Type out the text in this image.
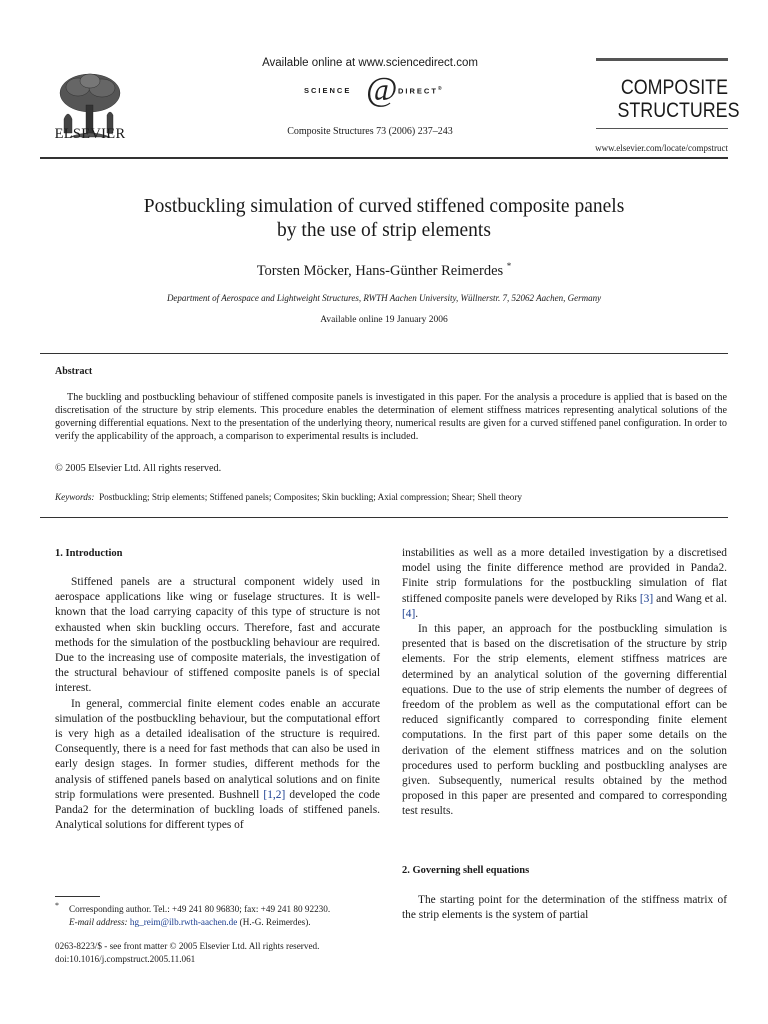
ELSEVIER
Available online at www.sciencedirect.com
SCIENCE @ DIRECT®
Composite Structures 73 (2006) 237–243
COMPOSITE
STRUCTURES
www.elsevier.com/locate/compstruct
Postbuckling simulation of curved stiffened composite panels
by the use of strip elements
Torsten Möcker, Hans-Günther Reimerdes *
Department of Aerospace and Lightweight Structures, RWTH Aachen University, Wüllnerstr. 7, 52062 Aachen, Germany
Available online 19 January 2006
Abstract
The buckling and postbuckling behaviour of stiffened composite panels is investigated in this paper. For the analysis a procedure is applied that is based on the discretisation of the structure by strip elements. This procedure enables the determination of element stiffness matrices representing analytical solutions of the governing differential equations. Next to the presentation of the underlying theory, numerical results are given for a curved stiffened panel configuration. In order to verify the applicability of the approach, a comparison to experimental results is included.
© 2005 Elsevier Ltd. All rights reserved.
Keywords: Postbuckling; Strip elements; Stiffened panels; Composites; Skin buckling; Axial compression; Shear; Shell theory
1. Introduction

Stiffened panels are a structural component widely used in aerospace applications like wing or fuselage structures. It is well-known that the load carrying capacity of this type of structure is not exhausted when skin buckling occurs. Therefore, fast and accurate methods for the simulation of the postbuckling behaviour are required. Due to the increasing use of composite materials, the investigation of the structural behaviour of stiffened composite panels is of special interest.

In general, commercial finite element codes enable an accurate simulation of the postbuckling behaviour, but the computational effort is very high as a detailed idealisation of the structure is required. Consequently, there is a need for fast methods that can also be used in early design stages. In former studies, different methods for the analysis of stiffened panels based on analytical solutions and on finite strip formulations were presented. Bushnell [1,2] developed the code Panda2 for the determination of buckling loads of stiffened panels. Analytical solutions for different types of

* Corresponding author. Tel.: +49 241 80 96830; fax: +49 241 80 92230.
E-mail address: hg_reim@ilb.rwth-aachen.de (H.-G. Reimerdes).
0263-8223/$ - see front matter © 2005 Elsevier Ltd. All rights reserved.
doi:10.1016/j.compstruct.2005.11.061

instabilities as well as a more detailed investigation by a discretised model using the finite difference method are provided in Panda2. Finite strip formulations for the postbuckling simulation of flat stiffened composite panels were developed by Riks [3] and Wang et al. [4].

In this paper, an approach for the postbuckling simulation is presented that is based on the discretisation of the structure by strip elements. For the strip elements, element stiffness matrices are determined by an analytical solution of the governing differential equations. Due to the use of strip elements the number of degrees of freedom of the problem as well as the computational effort can be reduced significantly compared to corresponding finite element computations. In the first part of this paper some details on the derivation of the element stiffness matrices and on the solution procedures used to perform buckling and postbuckling analyses are given. Subsequently, numerical results obtained by the method proposed in this paper are presented and compared to corresponding test results.

2. Governing shell equations

The starting point for the determination of the stiffness matrix of the strip elements is the system of partial
